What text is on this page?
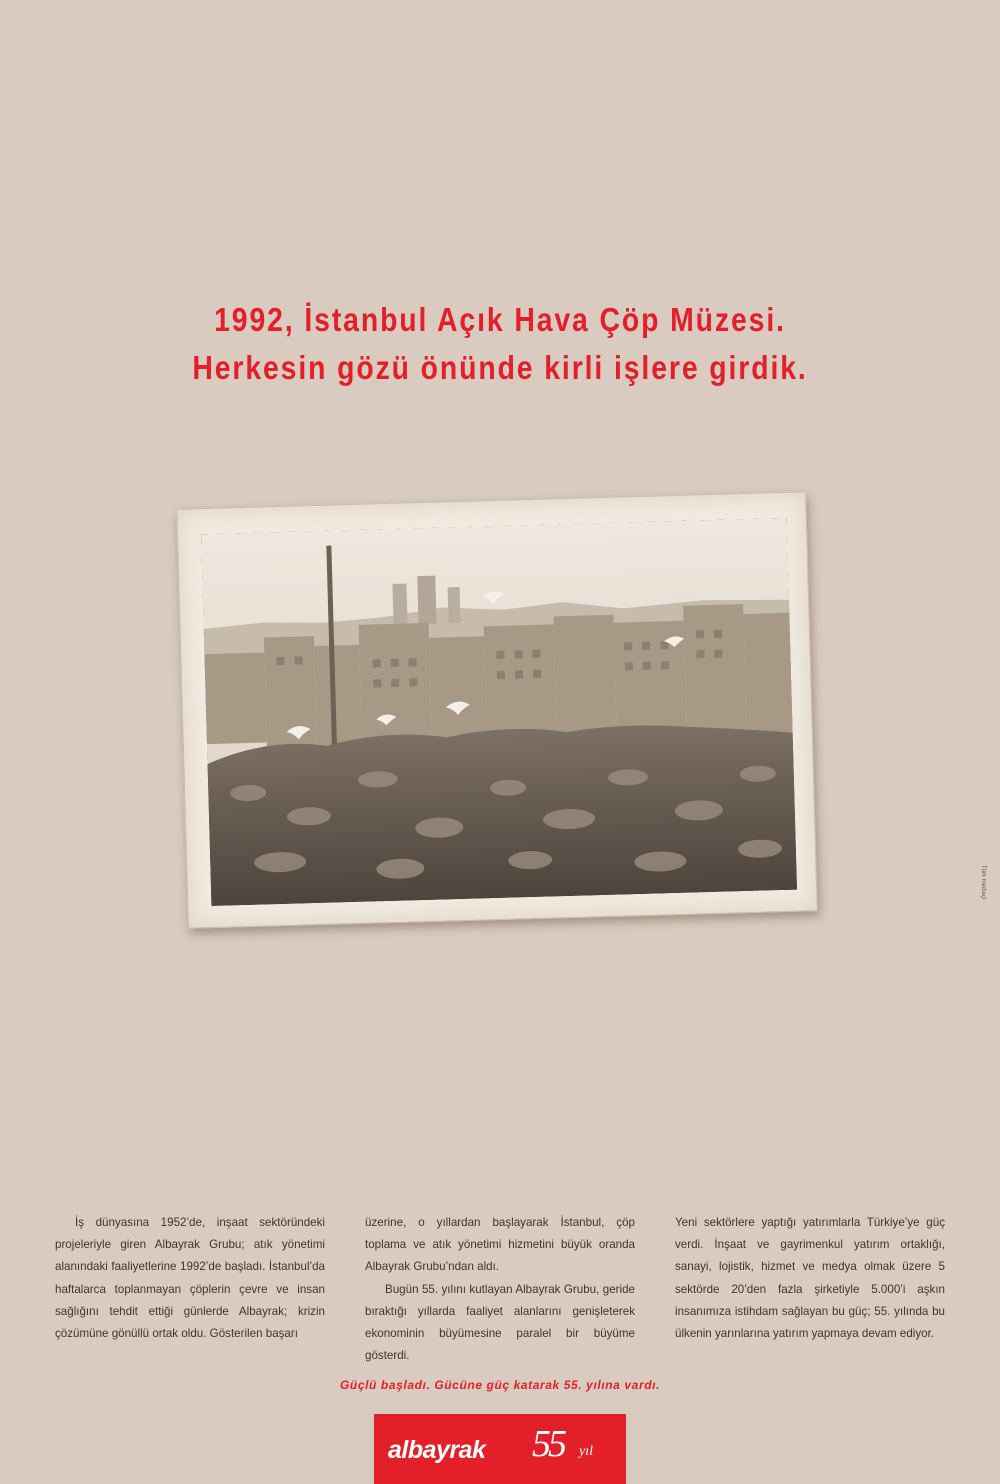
1992, İstanbul Açık Hava Çöp Müzesi.
Herkesin gözü önünde kirli işlere girdik.
Türk mediaçi

İş dünyasına 1952’de, inşaat sektöründeki projeleriyle giren Albayrak Grubu; atık yönetimi alanındaki faaliyetlerine 1992’de başladı. İstanbul’da haftalarca toplanmayan çöplerin çevre ve insan sağlığını tehdit ettiği günlerde Albayrak; krizin çözümüne gönüllü ortak oldu. Gösterilen başarı

üzerine, o yıllardan başlayarak İstanbul, çöp toplama ve atık yönetimi hizmetini büyük oranda Albayrak Grubu’ndan aldı.

Bugün 55. yılını kutlayan Albayrak Grubu, geride bıraktığı yıllarda faaliyet alanlarını genişleterek ekonominin büyümesine paralel bir büyüme gösterdi.

Yeni sektörlere yaptığı yatırımlarla Türkiye’ye güç verdi. İnşaat ve gayrimenkul yatırım ortaklığı, sanayi, lojistik, hizmet ve medya olmak üzere 5 sektörde 20’den fazla şirketiyle 5.000’i aşkın insanımıza istihdam sağlayan bu güç; 55. yılında bu ülkenin yarınlarına yatırım yapmaya devam ediyor.

Güçlü başladı. Gücüne güç katarak 55. yılına vardı.
albayrak 55 yıl
